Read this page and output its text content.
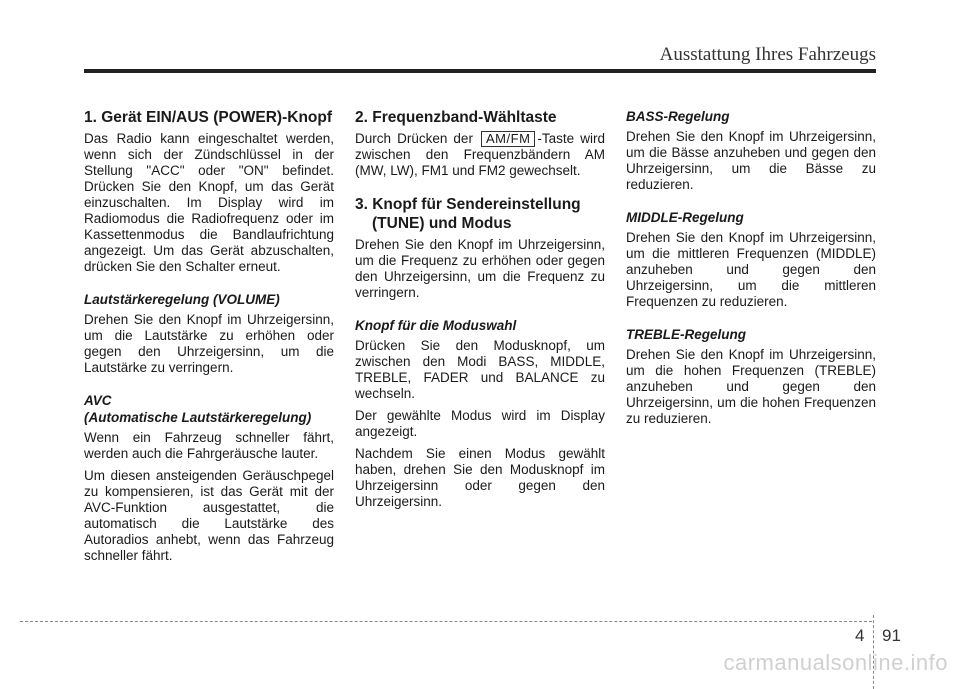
Ausstattung Ihres Fahrzeugs
1. Gerät EIN/AUS (POWER)-Knopf

Das Radio kann eingeschaltet werden, wenn sich der Zündschlüssel in der Stellung "ACC" oder "ON" befindet. Drücken Sie den Knopf, um das Gerät einzuschalten. Im Display wird im Radiomodus die Radiofrequenz oder im Kassettenmodus die Bandlaufrichtung angezeigt. Um das Gerät abzuschalten, drücken Sie den Schalter erneut.

Lautstärkeregelung (VOLUME)

Drehen Sie den Knopf im Uhrzeigersinn, um die Lautstärke zu erhöhen oder gegen den Uhrzeigersinn, um die Lautstärke zu verringern.

AVC
(Automatische Lautstärkeregelung)

Wenn ein Fahrzeug schneller fährt, werden auch die Fahrgeräusche lauter.

Um diesen ansteigenden Geräuschpegel zu kompensieren, ist das Gerät mit der AVC-Funktion ausgestattet, die automatisch die Lautstärke des Autoradios anhebt, wenn das Fahrzeug schneller fährt.

2. Frequenzband-Wähltaste

Durch Drücken der AM/FM -Taste wird zwischen den Frequenzbändern AM (MW, LW), FM1 und FM2 gewechselt.

3. Knopf für Sendereinstellung
(TUNE) und Modus

Drehen Sie den Knopf im Uhrzeigersinn, um die Frequenz zu erhöhen oder gegen den Uhrzeigersinn, um die Frequenz zu verringern.

Knopf für die Moduswahl

Drücken Sie den Modusknopf, um zwischen den Modi BASS, MIDDLE, TREBLE, FADER und BALANCE zu wechseln.

Der gewählte Modus wird im Display angezeigt.

Nachdem Sie einen Modus gewählt haben, drehen Sie den Modusknopf im Uhrzeigersinn oder gegen den Uhrzeigersinn.

BASS-Regelung

Drehen Sie den Knopf im Uhrzeigersinn, um die Bässe anzuheben und gegen den Uhrzeigersinn, um die Bässe zu reduzieren.

MIDDLE-Regelung

Drehen Sie den Knopf im Uhrzeigersinn, um die mittleren Frequenzen (MIDDLE) anzuheben und gegen den Uhrzeigersinn, um die mittleren Frequenzen zu reduzieren.

TREBLE-Regelung

Drehen Sie den Knopf im Uhrzeigersinn, um die hohen Frequenzen (TREBLE) anzuheben und gegen den Uhrzeigersinn, um die hohen Frequenzen zu reduzieren.

4 91
carmanualsonline.info
